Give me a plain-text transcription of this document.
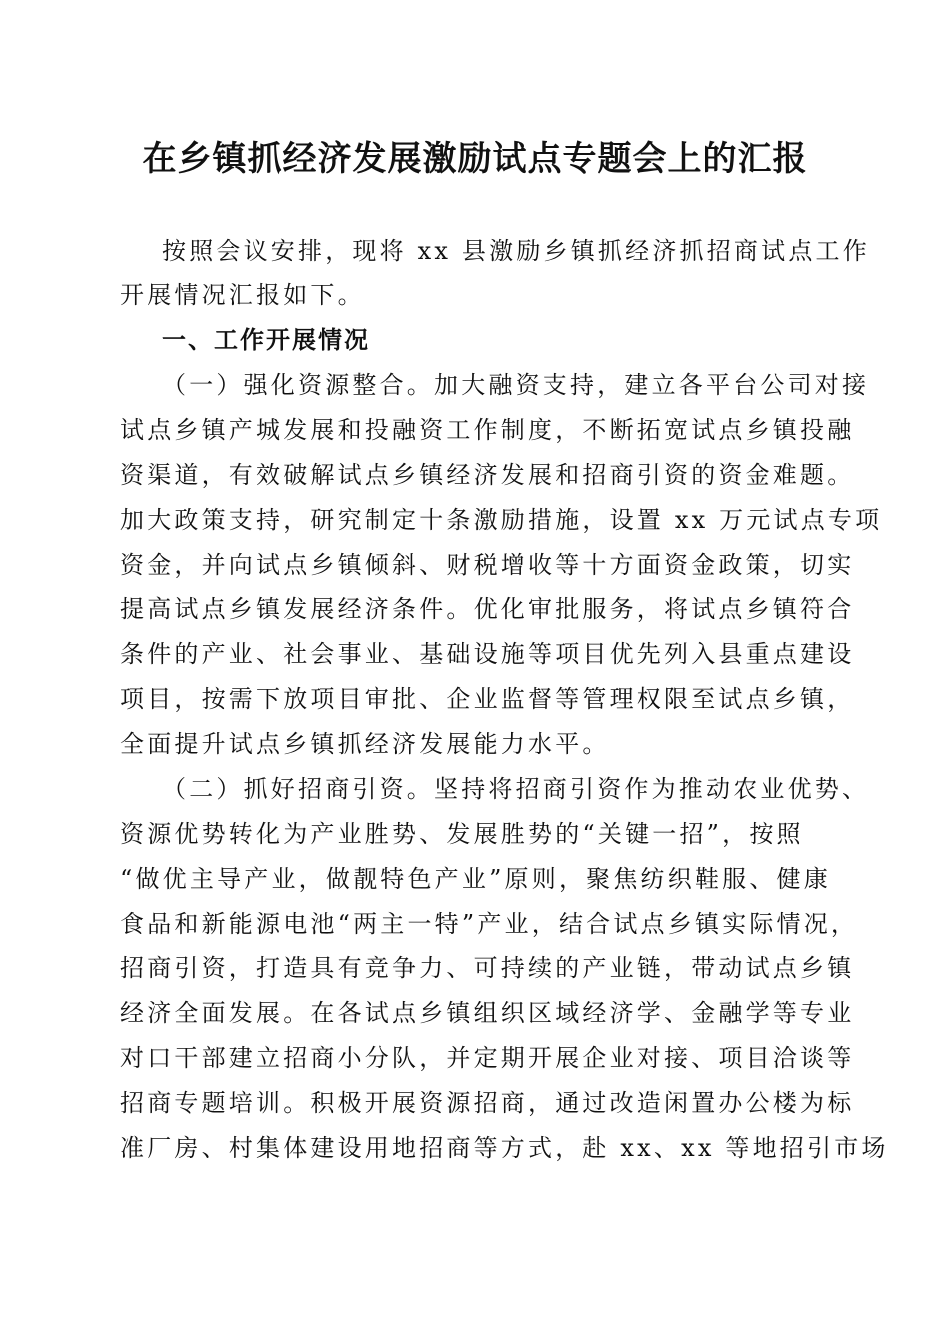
在乡镇抓经济发展激励试点专题会上的汇报
按照会议安排，现将 xx 县激励乡镇抓经济抓招商试点工作
开展情况汇报如下。
一、工作开展情况
（一）强化资源整合。加大融资支持，建立各平台公司对接
试点乡镇产城发展和投融资工作制度，不断拓宽试点乡镇投融
资渠道，有效破解试点乡镇经济发展和招商引资的资金难题。
加大政策支持，研究制定十条激励措施，设置 xx 万元试点专项
资金，并向试点乡镇倾斜、财税增收等十方面资金政策，切实
提高试点乡镇发展经济条件。优化审批服务，将试点乡镇符合
条件的产业、社会事业、基础设施等项目优先列入县重点建设
项目，按需下放项目审批、企业监督等管理权限至试点乡镇，
全面提升试点乡镇抓经济发展能力水平。
（二）抓好招商引资。坚持将招商引资作为推动农业优势、
资源优势转化为产业胜势、发展胜势的“关键一招”，按照
“做优主导产业，做靓特色产业”原则，聚焦纺织鞋服、健康
食品和新能源电池“两主一特”产业，结合试点乡镇实际情况，
招商引资，打造具有竞争力、可持续的产业链，带动试点乡镇
经济全面发展。在各试点乡镇组织区域经济学、金融学等专业
对口干部建立招商小分队，并定期开展企业对接、项目洽谈等
招商专题培训。积极开展资源招商，通过改造闲置办公楼为标
准厂房、村集体建设用地招商等方式，赴 xx、xx 等地招引市场
